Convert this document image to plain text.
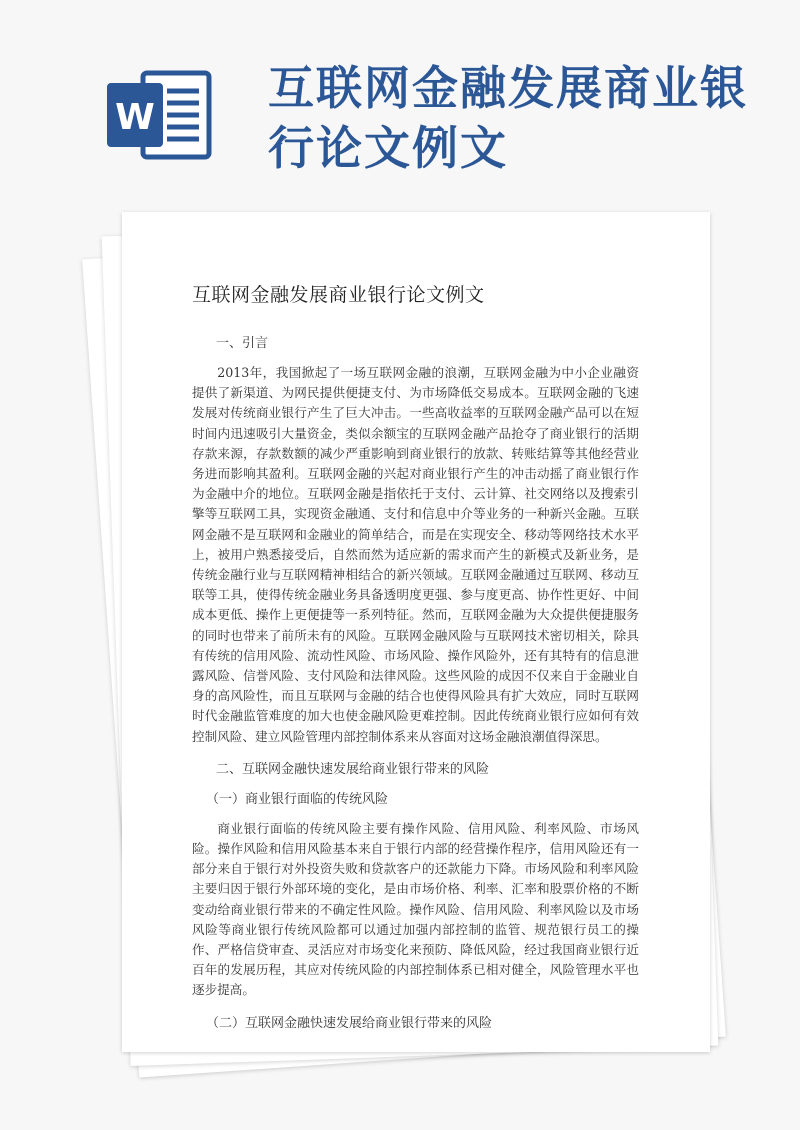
W
互联网金融发展商业银行论文例文
互联网金融发展商业银行论文例文
一、引言
2013年，我国掀起了一场互联网金融的浪潮，互联网金融为中小企业融资提供了新渠道、为网民提供便捷支付、为市场降低交易成本。互联网金融的飞速发展对传统商业银行产生了巨大冲击。一些高收益率的互联网金融产品可以在短时间内迅速吸引大量资金，类似余额宝的互联网金融产品抢夺了商业银行的活期存款来源，存款数额的减少严重影响到商业银行的放款、转账结算等其他经营业务进而影响其盈利。互联网金融的兴起对商业银行产生的冲击动摇了商业银行作为金融中介的地位。互联网金融是指依托于支付、云计算、社交网络以及搜索引擎等互联网工具，实现资金融通、支付和信息中介等业务的一种新兴金融。互联网金融不是互联网和金融业的简单结合，而是在实现安全、移动等网络技术水平上，被用户熟悉接受后，自然而然为适应新的需求而产生的新模式及新业务，是传统金融行业与互联网精神相结合的新兴领域。互联网金融通过互联网、移动互联等工具，使得传统金融业务具备透明度更强、参与度更高、协作性更好、中间成本更低、操作上更便捷等一系列特征。然而，互联网金融为大众提供便捷服务的同时也带来了前所未有的风险。互联网金融风险与互联网技术密切相关，除具有传统的信用风险、流动性风险、市场风险、操作风险外，还有其特有的信息泄露风险、信誉风险、支付风险和法律风险。这些风险的成因不仅来自于金融业自身的高风险性，而且互联网与金融的结合也使得风险具有扩大效应，同时互联网时代金融监管难度的加大也使金融风险更难控制。因此传统商业银行应如何有效控制风险、建立风险管理内部控制体系来从容面对这场金融浪潮值得深思。
二、互联网金融快速发展给商业银行带来的风险
（一）商业银行面临的传统风险
商业银行面临的传统风险主要有操作风险、信用风险、利率风险、市场风险。操作风险和信用风险基本来自于银行内部的经营操作程序，信用风险还有一部分来自于银行对外投资失败和贷款客户的还款能力下降。市场风险和利率风险主要归因于银行外部环境的变化，是由市场价格、利率、汇率和股票价格的不断变动给商业银行带来的不确定性风险。操作风险、信用风险、利率风险以及市场风险等商业银行传统风险都可以通过加强内部控制的监管、规范银行员工的操作、严格信贷审查、灵活应对市场变化来预防、降低风险，经过我国商业银行近百年的发展历程，其应对传统风险的内部控制体系已相对健全，风险管理水平也逐步提高。
（二）互联网金融快速发展给商业银行带来的风险
